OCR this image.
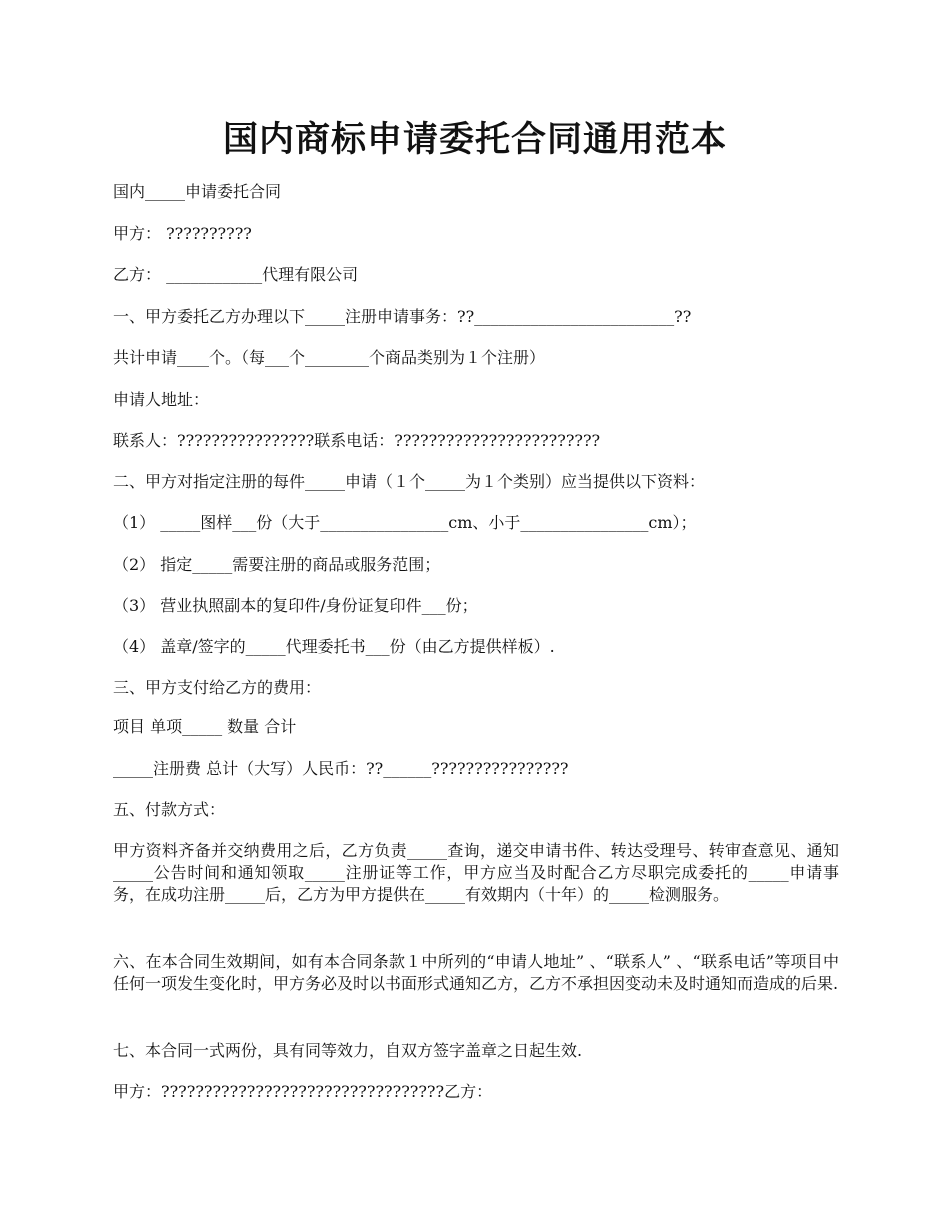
国内商标申请委托合同通用范本

国内_____申请委托合同

甲方： ??????????

乙方： ____________代理有限公司

一、甲方委托乙方办理以下_____注册申请事务：??_________________________??

共计申请____个。（每___个________个商品类别为１个注册）

申请人地址：

联系人：????????????????联系电话：????????????????????????

二、甲方对指定注册的每件_____申请（１个_____为１个类别）应当提供以下资料：

（1） _____图样___份（大于________________cm、小于________________cm）；

（2） 指定_____需要注册的商品或服务范围；

（3） 营业执照副本的复印件/身份证复印件___份；

（4） 盖章/签字的_____代理委托书___份（由乙方提供样板）.

三、甲方支付给乙方的费用：

项目 单项_____ 数量 合计

_____注册费 总计（大写）人民币：??______????????????????

五、付款方式：

甲方资料齐备并交纳费用之后，乙方负责_____查询，递交申请书件、转达受理号、转审查意见、通知_____公告时间和通知领取_____注册证等工作，甲方应当及时配合乙方尽职完成委托的_____申请事务，在成功注册_____后，乙方为甲方提供在_____有效期内（十年）的_____检测服务。

六、在本合同生效期间，如有本合同条款１中所列的“申请人地址” 、“联系人” 、“联系电话”等项目中任何一项发生变化时，甲方务必及时以书面形式通知乙方，乙方不承担因变动未及时通知而造成的后果.

七、本合同一式两份，具有同等效力，自双方签字盖章之日起生效.

甲方：?????????????????????????????????乙方：
